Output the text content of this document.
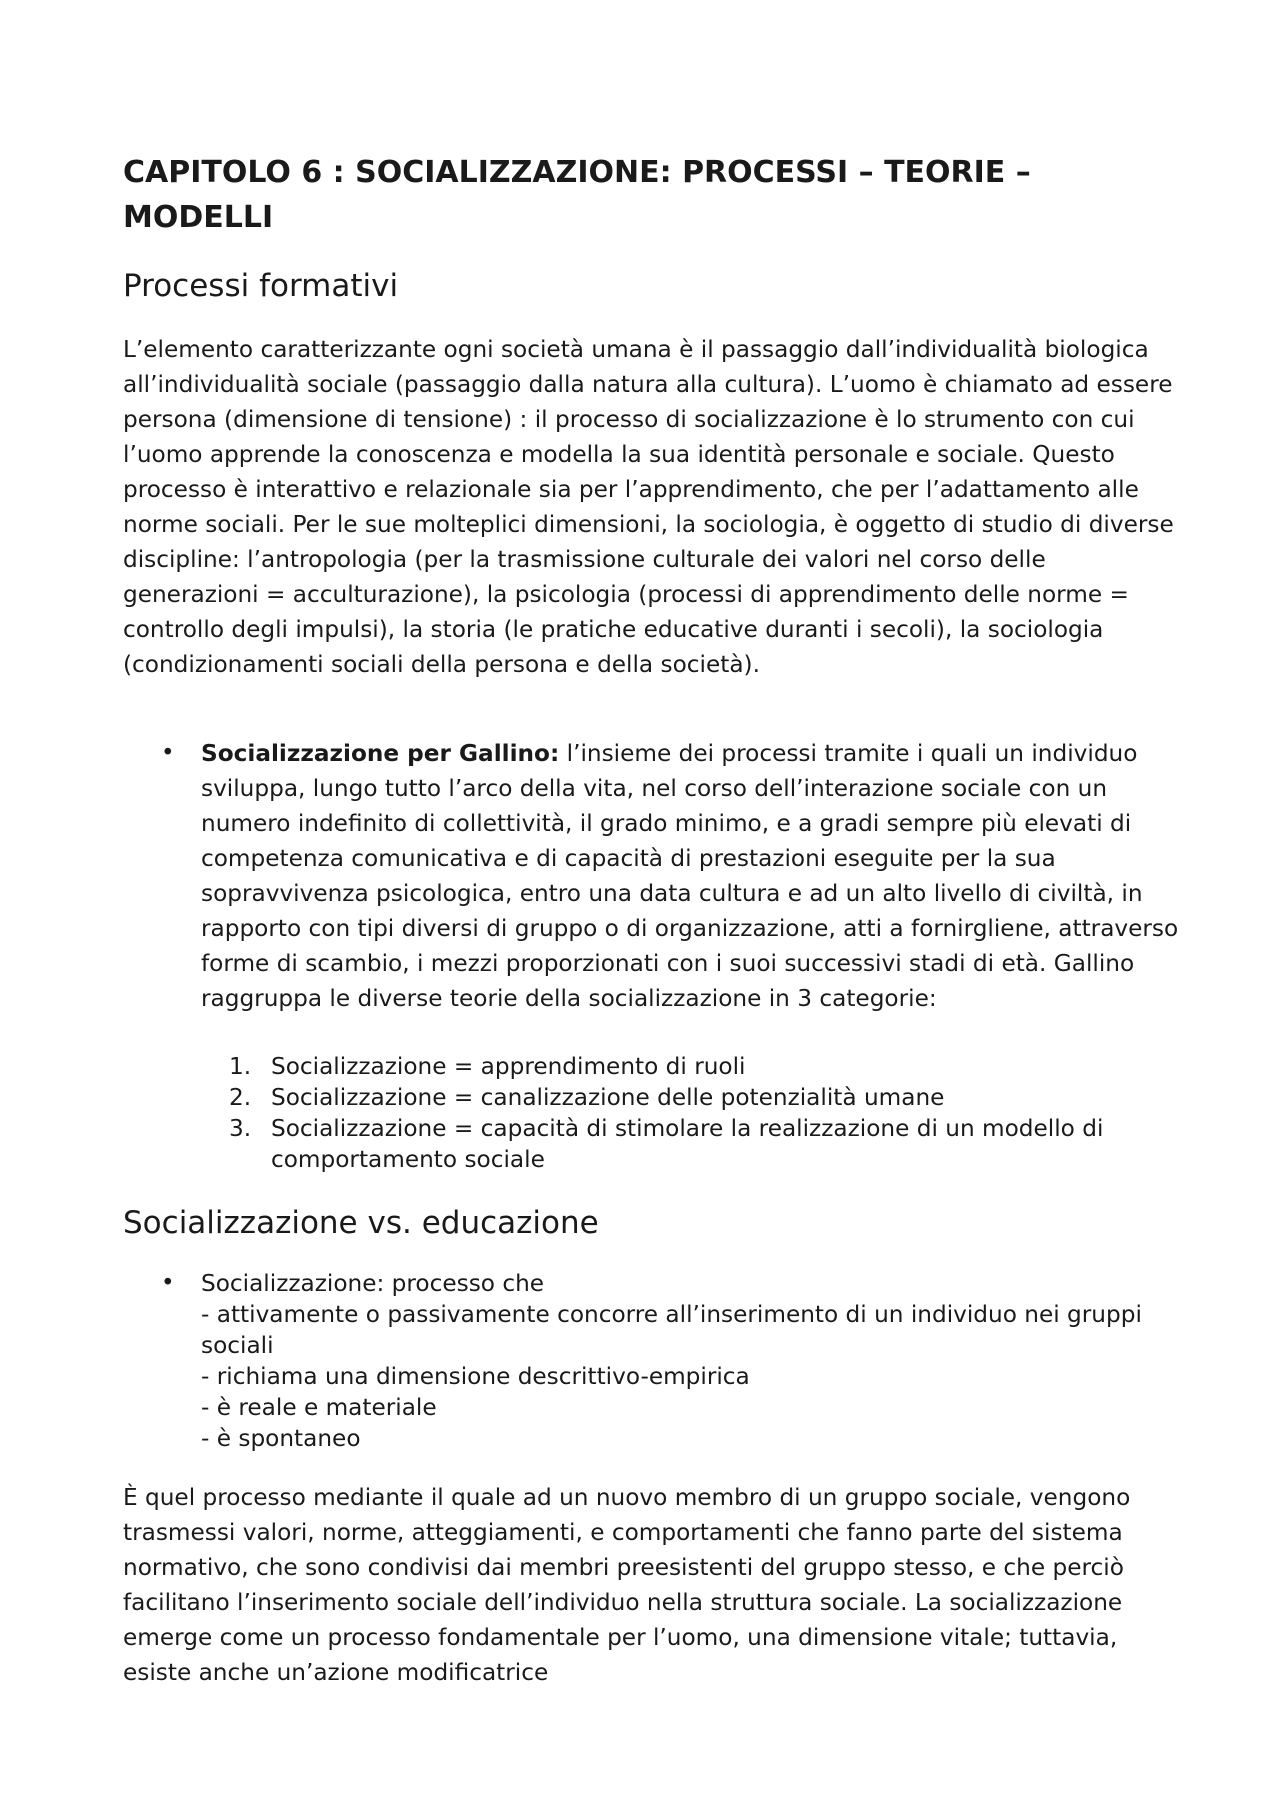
CAPITOLO 6 : SOCIALIZZAZIONE: PROCESSI – TEORIE – MODELLI
Processi formativi

L’elemento caratterizzante ogni società umana è il passaggio dall’individualità biologica all’individualità sociale (passaggio dalla natura alla cultura). L’uomo è chiamato ad essere persona (dimensione di tensione) : il processo di socializzazione è lo strumento con cui l’uomo apprende la conoscenza e modella la sua identità personale e sociale. Questo processo è interattivo e relazionale sia per l’apprendimento, che per l’adattamento alle norme sociali. Per le sue molteplici dimensioni, la sociologia, è oggetto di studio di diverse discipline: l’antropologia (per la trasmissione culturale dei valori nel corso delle generazioni = acculturazione), la psicologia (processi di apprendimento delle norme = controllo degli impulsi), la storia (le pratiche educative duranti i secoli), la sociologia (condizionamenti sociali della persona e della società).

• Socializzazione per Gallino: l’insieme dei processi tramite i quali un individuo sviluppa, lungo tutto l’arco della vita, nel corso dell’interazione sociale con un numero indefinito di collettività, il grado minimo, e a gradi sempre più elevati di competenza comunicativa e di capacità di prestazioni eseguite per la sua sopravvivenza psicologica, entro una data cultura e ad un alto livello di civiltà, in rapporto con tipi diversi di gruppo o di organizzazione, atti a fornirgliene, attraverso forme di scambio, i mezzi proporzionati con i suoi successivi stadi di età. Gallino raggruppa le diverse teorie della socializzazione in 3 categorie:

1. Socializzazione = apprendimento di ruoli
2. Socializzazione = canalizzazione delle potenzialità umane
3. Socializzazione = capacità di stimolare la realizzazione di un modello di comportamento sociale
Socializzazione vs. educazione
• Socializzazione: processo che
- attivamente o passivamente concorre all’inserimento di un individuo nei gruppi sociali
- richiama una dimensione descrittivo-empirica
- è reale e materiale
- è spontaneo

È quel processo mediante il quale ad un nuovo membro di un gruppo sociale, vengono trasmessi valori, norme, atteggiamenti, e comportamenti che fanno parte del sistema normativo, che sono condivisi dai membri preesistenti del gruppo stesso, e che perciò facilitano l’inserimento sociale dell’individuo nella struttura sociale. La socializzazione emerge come un processo fondamentale per l’uomo, una dimensione vitale; tuttavia, esiste anche un’azione modificatrice
